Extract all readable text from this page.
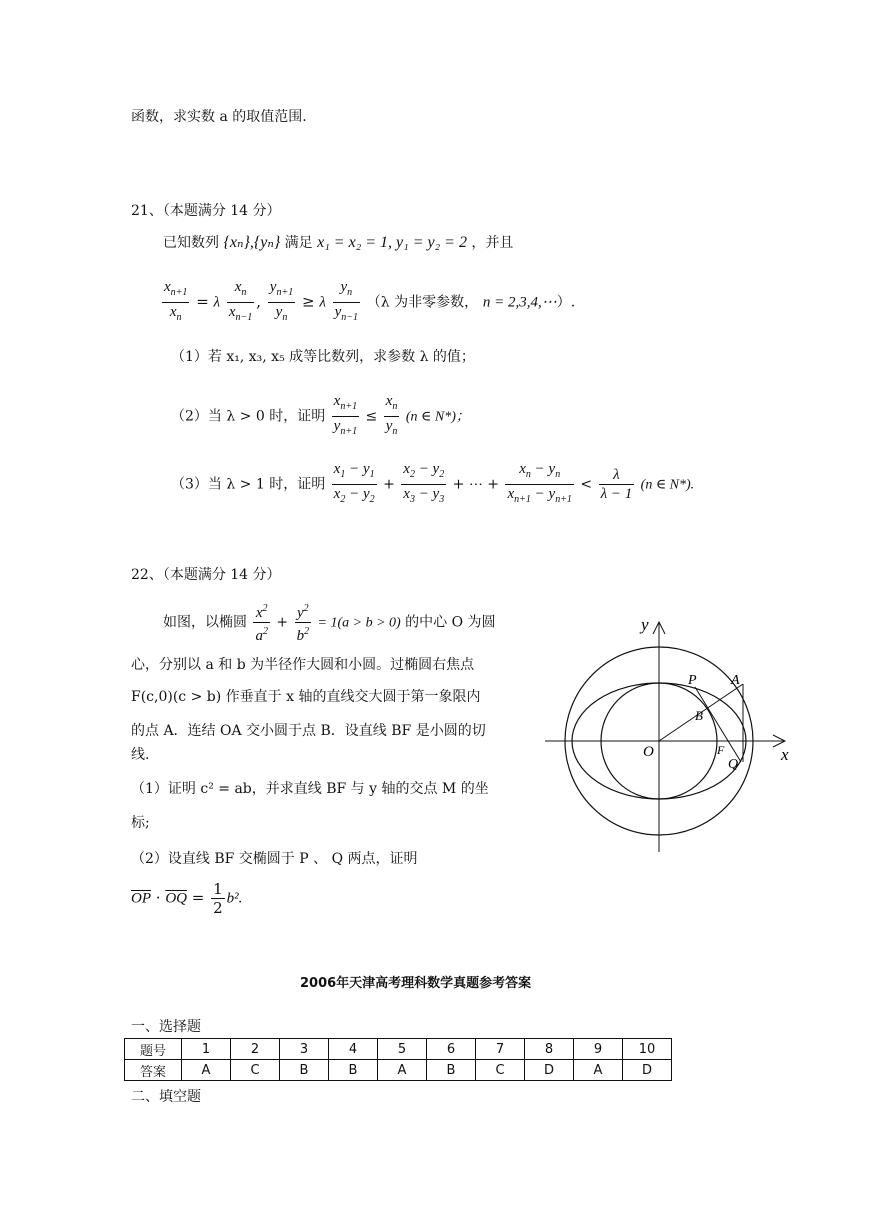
函数，求实数 a 的取值范围.
21、（本题满分 14 分）
已知数列 {xₙ},{yₙ} 满足 x₁ = x₂ = 1, y₁ = y₂ = 2 ，并且
$\frac{x_{n+1}}{x_n} = \lambda \frac{x_n}{x_{n-1}}$ , $\frac{y_{n+1}}{y_n} \ge \lambda \frac{y_n}{y_{n-1}} (\lambda$ 为非零参数， n = 2,3,4,⋯）.
（1）若 x₁, x₃, x₅ 成等比数列，求参数 λ 的值；
（2）当 λ > 0 时，证明 $\frac{x_{n+1}}{y_{n+1}} \le \frac{x_n}{y_n} (n$ ∈ N*)；
（3）当 λ > 1 时，证明 $\frac{x_1 - y_1}{x_2 - y_2} + \frac{x_2 - y_2}{x_3 - y_3}$ + ⋯ + $\frac{x_n - y_n}{x_{n+1} - y_{n+1}} < \frac{\lambda}{\lambda - 1} (n$ ∈ N*).
22、（本题满分 14 分）
如图，以椭圆 $\frac{x^2}{a^2} + \frac{y^2}{b^2} = 1(a > b > 0)$ 的中心 O 为圆
心，分别以 a 和 b 为半径作大圆和小圆。过椭圆右焦点
F(c,0)(c > b) 作垂直于 x 轴的直线交大圆于第一象限内
的点 A．连结 OA 交小圆于点 B．设直线 BF 是小圆的切
线.
（1）证明 c² = ab，并求直线 BF 与 y 轴的交点 M 的坐
标;
（2）设直线 BF 交椭圆于 P 、 Q 两点，证明
$\overline{OP} \cdot \overline{OQ} = \frac{1}{2} b^2$.
y
x
O
P A
B
F
Q
2006年天津高考理科数学真题参考答案
一、选择题
题号	1	2	3	4	5	6	7	8	9	10
答案	A	C	B	B	A	B	C	D	A	D
二、填空题
